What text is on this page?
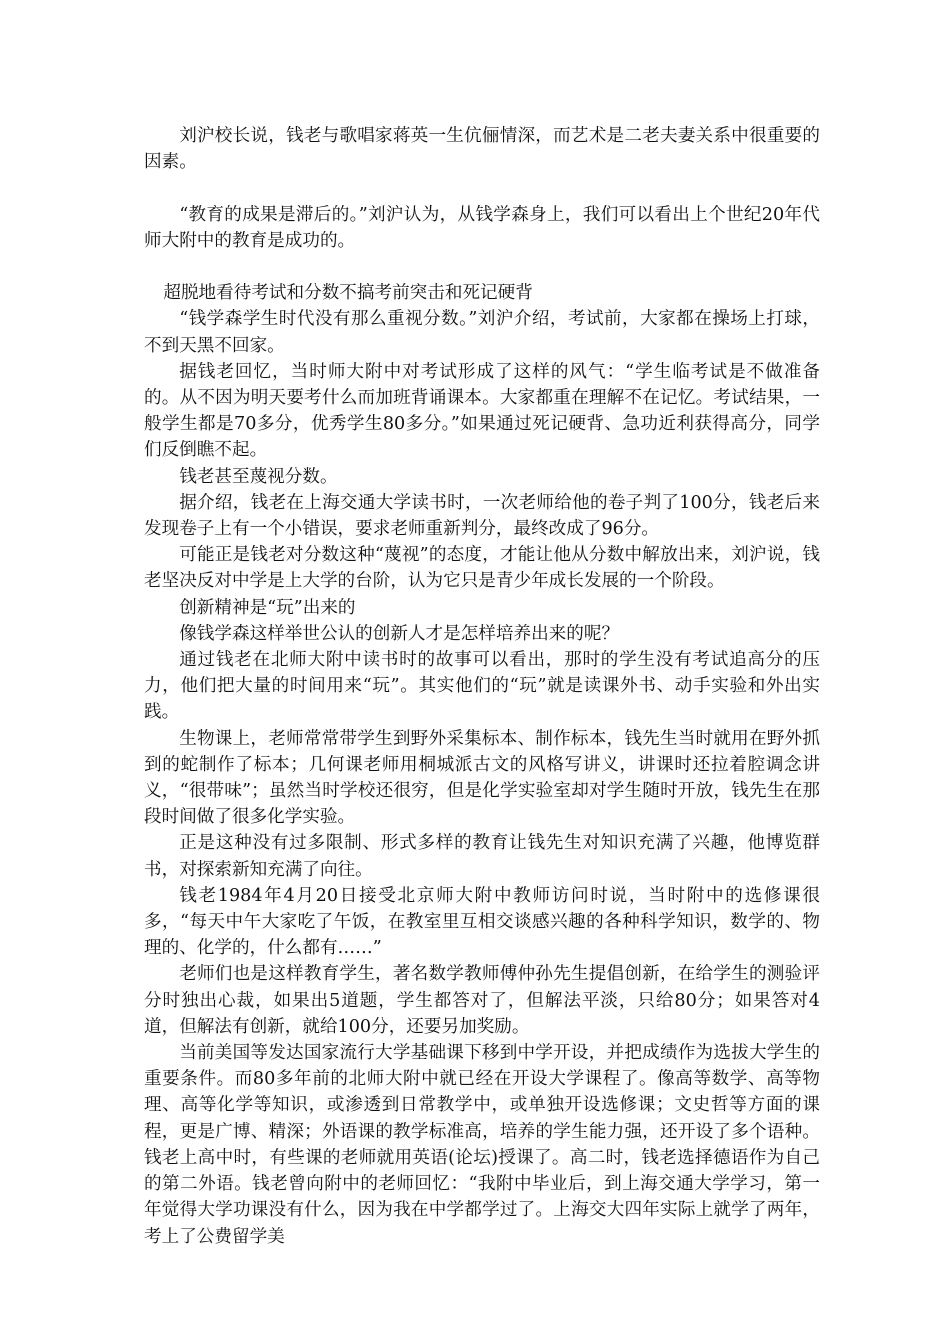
刘沪校长说，钱老与歌唱家蒋英一生伉俪情深，而艺术是二老夫妻关系中很重要的因素。

“教育的成果是滞后的。”刘沪认为，从钱学森身上，我们可以看出上个世纪20年代师大附中的教育是成功的。

超脱地看待考试和分数不搞考前突击和死记硬背

“钱学森学生时代没有那么重视分数。”刘沪介绍，考试前，大家都在操场上打球，不到天黑不回家。

据钱老回忆，当时师大附中对考试形成了这样的风气：“学生临考试是不做准备的。从不因为明天要考什么而加班背诵课本。大家都重在理解不在记忆。考试结果，一般学生都是70多分，优秀学生80多分。”如果通过死记硬背、急功近利获得高分，同学们反倒瞧不起。

钱老甚至蔑视分数。

据介绍，钱老在上海交通大学读书时，一次老师给他的卷子判了100分，钱老后来发现卷子上有一个小错误，要求老师重新判分，最终改成了96分。

可能正是钱老对分数这种“蔑视”的态度，才能让他从分数中解放出来，刘沪说，钱老坚决反对中学是上大学的台阶，认为它只是青少年成长发展的一个阶段。

创新精神是“玩”出来的

像钱学森这样举世公认的创新人才是怎样培养出来的呢？

通过钱老在北师大附中读书时的故事可以看出，那时的学生没有考试追高分的压力，他们把大量的时间用来“玩”。其实他们的“玩”就是读课外书、动手实验和外出实践。

生物课上，老师常常带学生到野外采集标本、制作标本，钱先生当时就用在野外抓到的蛇制作了标本；几何课老师用桐城派古文的风格写讲义，讲课时还拉着腔调念讲义，“很带味”；虽然当时学校还很穷，但是化学实验室却对学生随时开放，钱先生在那段时间做了很多化学实验。

正是这种没有过多限制、形式多样的教育让钱先生对知识充满了兴趣，他博览群书，对探索新知充满了向往。

钱老1984年4月20日接受北京师大附中教师访问时说，当时附中的选修课很多，“每天中午大家吃了午饭，在教室里互相交谈感兴趣的各种科学知识，数学的、物理的、化学的，什么都有……”

老师们也是这样教育学生，著名数学教师傅仲孙先生提倡创新，在给学生的测验评分时独出心裁，如果出5道题，学生都答对了，但解法平淡，只给80分；如果答对4道，但解法有创新，就给100分，还要另加奖励。

当前美国等发达国家流行大学基础课下移到中学开设，并把成绩作为选拔大学生的重要条件。而80多年前的北师大附中就已经在开设大学课程了。像高等数学、高等物理、高等化学等知识，或渗透到日常教学中，或单独开设选修课；文史哲等方面的课程，更是广博、精深；外语课的教学标准高，培养的学生能力强，还开设了多个语种。钱老上高中时，有些课的老师就用英语(论坛)授课了。高二时，钱老选择德语作为自己的第二外语。钱老曾向附中的老师回忆：“我附中毕业后，到上海交通大学学习，第一年觉得大学功课没有什么，因为我在中学都学过了。上海交大四年实际上就学了两年，考上了公费留学美
